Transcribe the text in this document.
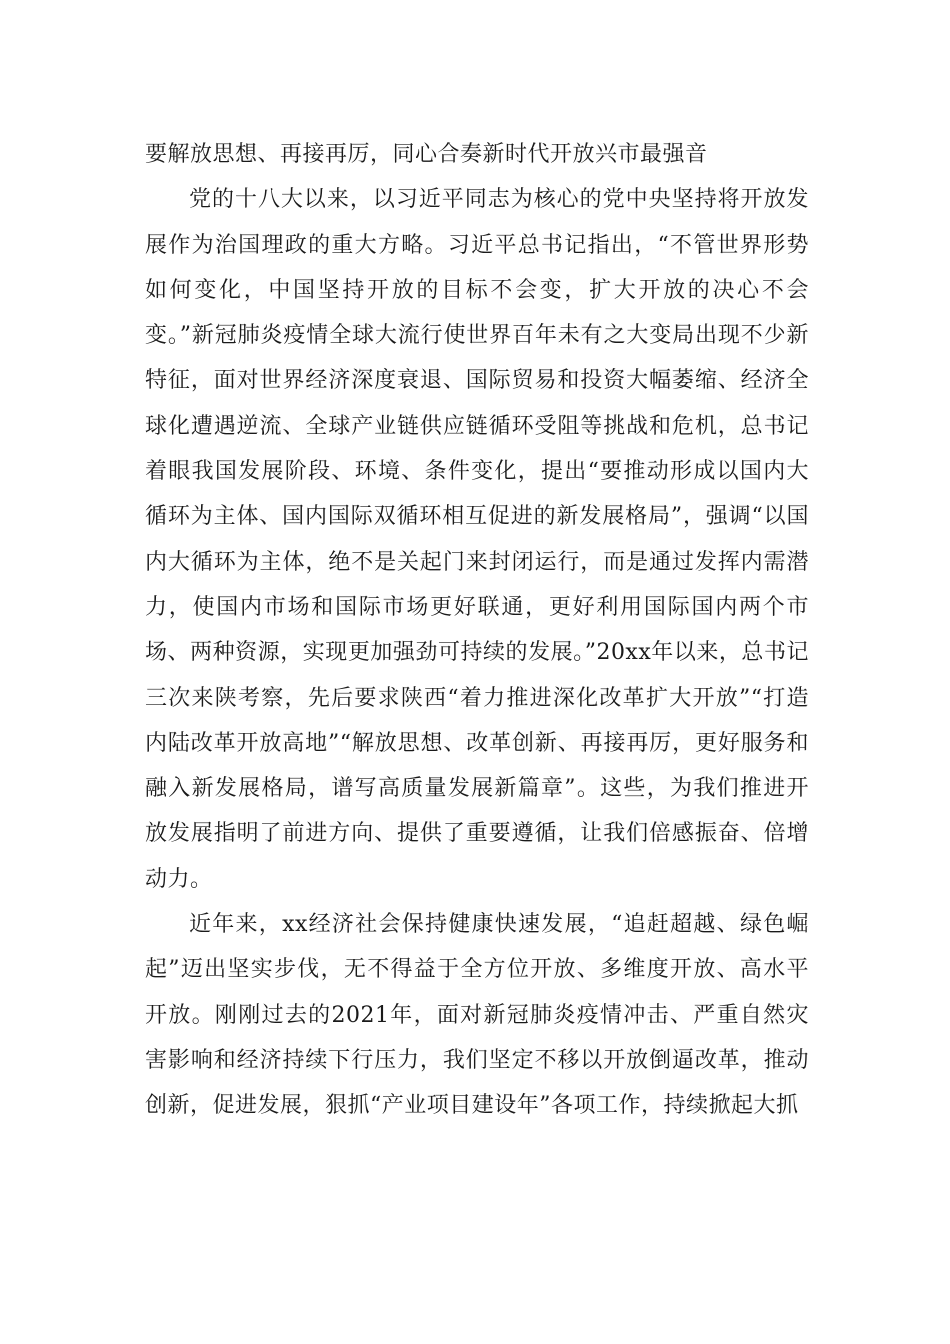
要解放思想、再接再厉，同心合奏新时代开放兴市最强音

党的十八大以来，以习近平同志为核心的党中央坚持将开放发展作为治国理政的重大方略。习近平总书记指出，“不管世界形势如何变化，中国坚持开放的目标不会变，扩大开放的决心不会变。”新冠肺炎疫情全球大流行使世界百年未有之大变局出现不少新特征，面对世界经济深度衰退、国际贸易和投资大幅萎缩、经济全球化遭遇逆流、全球产业链供应链循环受阻等挑战和危机，总书记着眼我国发展阶段、环境、条件变化，提出“要推动形成以国内大循环为主体、国内国际双循环相互促进的新发展格局”，强调“以国内大循环为主体，绝不是关起门来封闭运行，而是通过发挥内需潜力，使国内市场和国际市场更好联通，更好利用国际国内两个市场、两种资源，实现更加强劲可持续的发展。”20xx年以来，总书记三次来陕考察，先后要求陕西“着力推进深化改革扩大开放”“打造内陆改革开放高地”“解放思想、改革创新、再接再厉，更好服务和融入新发展格局，谱写高质量发展新篇章”。这些，为我们推进开放发展指明了前进方向、提供了重要遵循，让我们倍感振奋、倍增动力。

近年来，xx经济社会保持健康快速发展，“追赶超越、绿色崛起”迈出坚实步伐，无不得益于全方位开放、多维度开放、高水平开放。刚刚过去的2021年，面对新冠肺炎疫情冲击、严重自然灾害影响和经济持续下行压力，我们坚定不移以开放倒逼改革，推动创新，促进发展，狠抓“产业项目建设年”各项工作，持续掀起大抓
